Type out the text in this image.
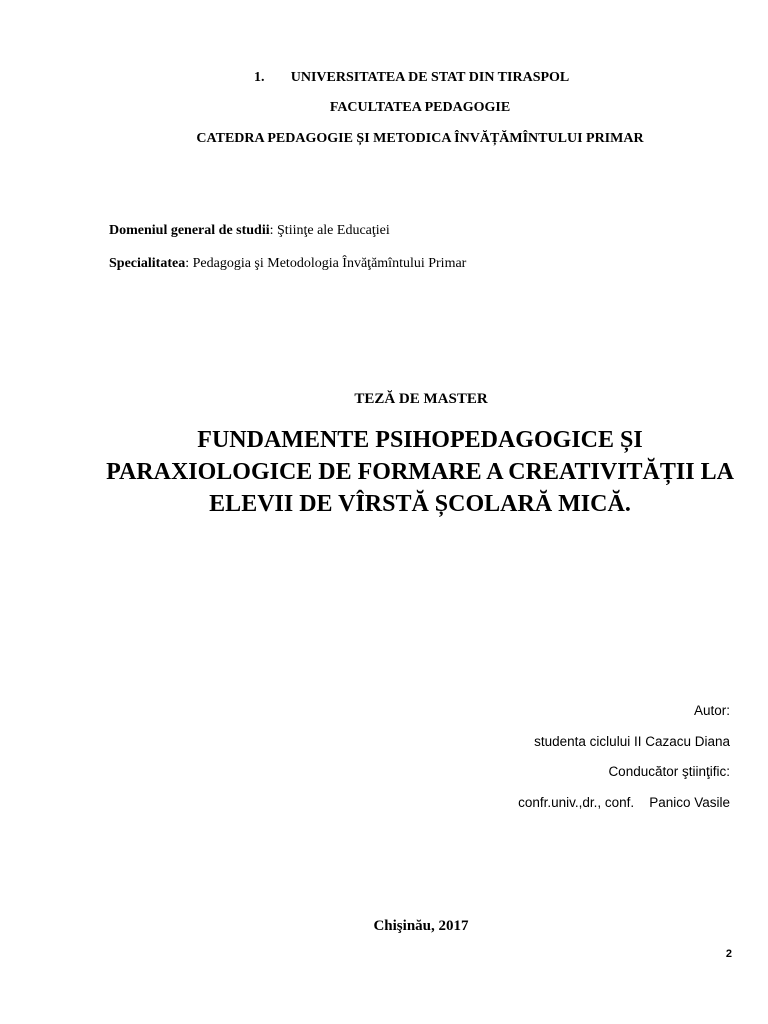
1.	UNIVERSITATEA DE STAT DIN TIRASPOL
FACULTATEA PEDAGOGIE
CATEDRA PEDAGOGIE ȘI METODICA ÎNVĂȚĂMÎNTULUI PRIMAR
Domeniul general de studii: Ştiinţe ale Educaţiei
Specialitatea: Pedagogia şi Metodologia Învăţămîntului Primar
TEZĂ DE MASTER
FUNDAMENTE PSIHOPEDAGOGICE ȘI PARAXIOLOGICE DE FORMARE A CREATIVITĂȚII LA ELEVII DE VÎRSTĂ ȘCOLARĂ MICĂ.
Autor:
studenta ciclului II Cazacu Diana
Conducător ştiinţific:
confr.univ.,dr., conf.    Panico Vasile
Chişinău, 2017
2
